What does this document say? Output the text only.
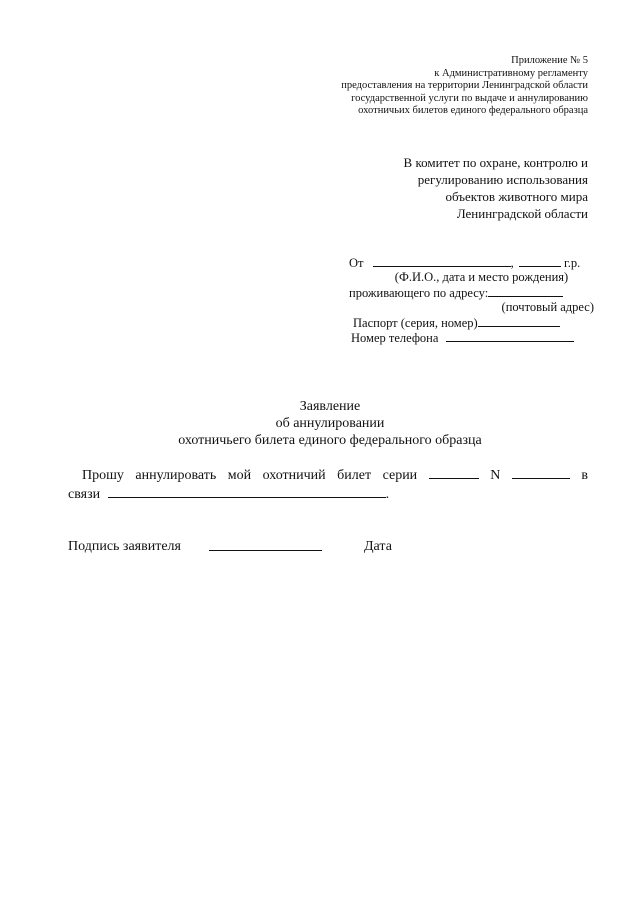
Приложение № 5
к Административному регламенту
предоставления на территории Ленинградской области
государственной услуги по выдаче и аннулированию
охотничьих билетов единого федерального образца
В комитет по охране, контролю и
регулированию использования
объектов животного мира
Ленинградской области
От	,	г.р.
(Ф.И.О., дата и место рождения)
проживающего по адресу:
(почтовый адрес)
Паспорт (серия, номер)
Номер телефона
Заявление
об аннулировании
охотничьего билета единого федерального образца
Прошу аннулировать мой охотничий билет серии	N	в
связи	.
Подпись заявителя	Дата
